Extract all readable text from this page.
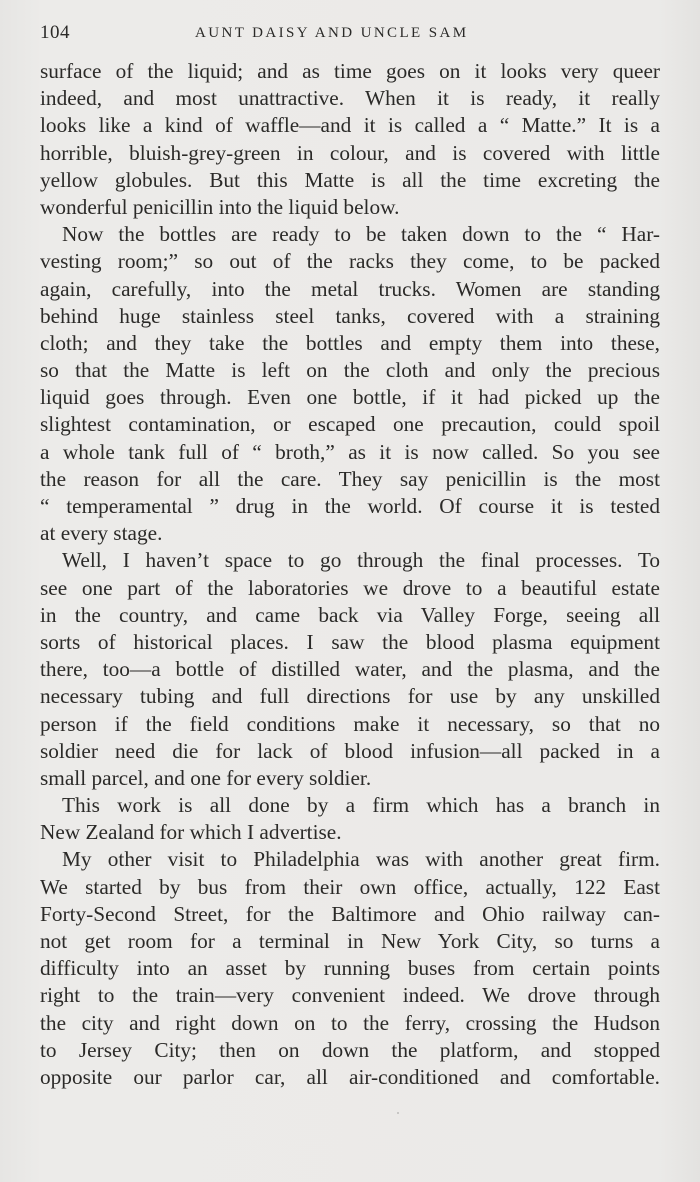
104	AUNT DAISY AND UNCLE SAM
surface of the liquid; and as time goes on it looks very queer
indeed, and most unattractive. When it is ready, it really
looks like a kind of waffle—and it is called a “ Matte.” It is a
horrible, bluish-grey-green in colour, and is covered with little
yellow globules. But this Matte is all the time excreting the
wonderful penicillin into the liquid below.
Now the bottles are ready to be taken down to the “ Har-
vesting room;” so out of the racks they come, to be packed
again, carefully, into the metal trucks. Women are standing
behind huge stainless steel tanks, covered with a straining
cloth; and they take the bottles and empty them into these,
so that the Matte is left on the cloth and only the precious
liquid goes through. Even one bottle, if it had picked up the
slightest contamination, or escaped one precaution, could spoil
a whole tank full of “ broth,” as it is now called. So you see
the reason for all the care. They say penicillin is the most
“ temperamental ” drug in the world. Of course it is tested
at every stage.
Well, I haven’t space to go through the final processes. To
see one part of the laboratories we drove to a beautiful estate
in the country, and came back via Valley Forge, seeing all
sorts of historical places. I saw the blood plasma equipment
there, too—a bottle of distilled water, and the plasma, and the
necessary tubing and full directions for use by any unskilled
person if the field conditions make it necessary, so that no
soldier need die for lack of blood infusion—all packed in a
small parcel, and one for every soldier.
This work is all done by a firm which has a branch in
New Zealand for which I advertise.
My other visit to Philadelphia was with another great firm.
We started by bus from their own office, actually, 122 East
Forty-Second Street, for the Baltimore and Ohio railway can-
not get room for a terminal in New York City, so turns a
difficulty into an asset by running buses from certain points
right to the train—very convenient indeed. We drove through
the city and right down on to the ferry, crossing the Hudson
to Jersey City; then on down the platform, and stopped
opposite our parlor car, all air-conditioned and comfortable.
